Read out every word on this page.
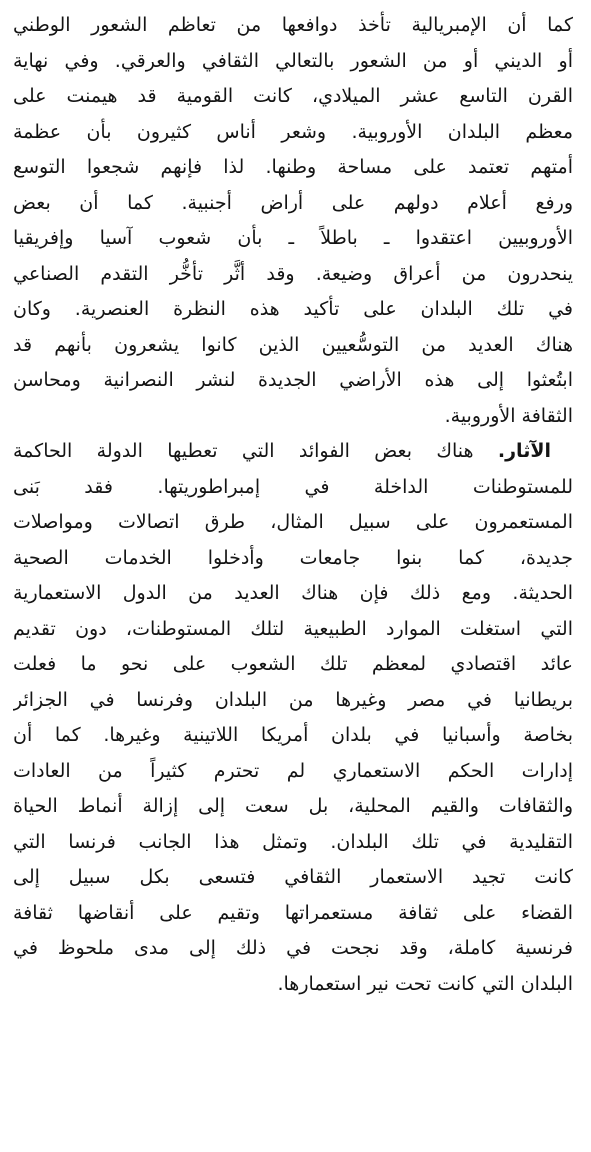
كما أن الإمبريالية تأخذ دوافعها من تعاظم الشعور الوطني
أو الديني أو من الشعور بالتعالي الثقافي والعرقي. وفي نهاية
القرن التاسع عشر الميلادي، كانت القومية قد هيمنت على
معظم البلدان الأوروبية. وشعر أناس كثيرون بأن عظمة
أمتهم تعتمد على مساحة وطنها. لذا فإنهم شجعوا التوسع
ورفع أعلام دولهم على أراض أجنبية. كما أن بعض
الأوروبيين اعتقدوا ـ باطلاً ـ بأن شعوب آسيا وإفريقيا
ينحدرون من أعراق وضيعة. وقد أثَّر تأخُّر التقدم الصناعي
في تلك البلدان على تأكيد هذه النظرة العنصرية. وكان
هناك العديد من التوسُّعيين الذين كانوا يشعرون بأنهم قد
ابتُعثوا إلى هذه الأراضي الجديدة لنشر النصرانية ومحاسن
الثقافة الأوروبية.
الآثار. هناك بعض الفوائد التي تعطيها الدولة الحاكمة
للمستوطنات الداخلة في إمبراطوريتها. فقد بَنى
المستعمرون على سبيل المثال، طرق اتصالات ومواصلات
جديدة، كما بنوا جامعات وأدخلوا الخدمات الصحية
الحديثة. ومع ذلك فإن هناك العديد من الدول الاستعمارية
التي استغلت الموارد الطبيعية لتلك المستوطنات، دون تقديم
عائد اقتصادي لمعظم تلك الشعوب على نحو ما فعلت
بريطانيا في مصر وغيرها من البلدان وفرنسا في الجزائر
بخاصة وأسبانيا في بلدان أمريكا اللاتينية وغيرها. كما أن
إدارات الحكم الاستعماري لم تحترم كثيراً من العادات
والثقافات والقيم المحلية، بل سعت إلى إزالة أنماط الحياة
التقليدية في تلك البلدان. وتمثل هذا الجانب فرنسا التي
كانت تجيد الاستعمار الثقافي فتسعى بكل سبيل إلى
القضاء على ثقافة مستعمراتها وتقيم على أنقاضها ثقافة
فرنسية كاملة، وقد نجحت في ذلك إلى مدى ملحوظ في
البلدان التي كانت تحت نير استعمارها.
